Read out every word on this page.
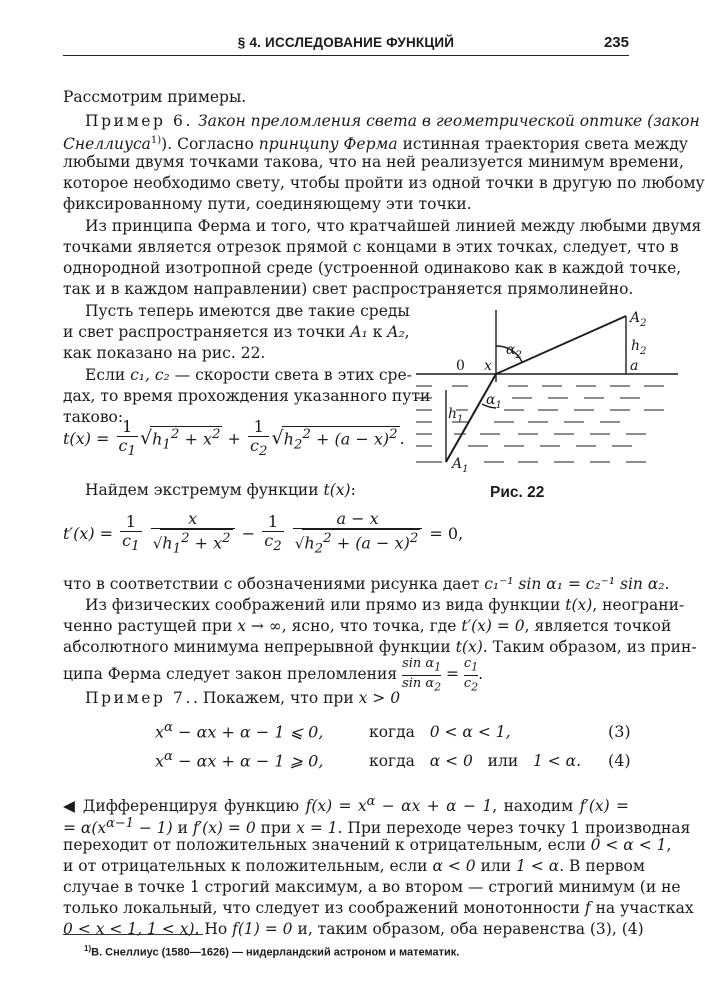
§ 4. ИССЛЕДОВАНИЕ ФУНКЦИЙ	235
Рассмотрим примеры.
Пример 6. Закон преломления света в геометрической оптике (закон
Снеллиуса$^{1)}$). Согласно принципу Ферма истинная траектория света между
любыми двумя точками такова, что на ней реализуется минимум времени,
которое необходимо свету, чтобы пройти из одной точки в другую по любому
фиксированному пути, соединяющему эти точки.
Из принципа Ферма и того, что кратчайшей линией между любыми двумя
точками является отрезок прямой с концами в этих точках, следует, что в
однородной изотропной среде (устроенной одинаково как в каждой точке,
так и в каждом направлении) свет распространяется прямолинейно.
Пусть теперь имеются две такие среды
и свет распространяется из точки A₁ к A₂,
как показано на рис. 22.
Если c₁, c₂ — скорости света в этих сре-
дах, то время прохождения указанного пути
таково:
$t(x) = \frac{1}{c_1} √h_1^2 + x^2 + \frac{1}{c_2} √h_2^2 + (a - x)^2$ .
Найдем экстремум функции t(x):
$t'(x) = \frac{1}{c_1}$
$\frac{x}{√h_1^2 + x^2} - \frac{1}{c_2}$
$\frac{a - x}{√h_2^2 + (a - x)^2} = 0$,
что в соответствии с обозначениями рисунка дает c₁⁻¹ sin α₁ = c₂⁻¹ sin α₂.
Из физических соображений или прямо из вида функции t(x), неограни-
ченно растущей при x → ∞, ясно, что точка, где t′(x) = 0, является точкой
абсолютного минимума непрерывной функции t(x). Таким образом, из прин-
ципа Ферма следует закон преломления $\frac{\sin \alpha_1}{\sin \alpha_2} = \frac{c_1}{c_2}$ .
Пример 7.. Покажем, что при x > 0
$x^\alpha - \alpha x + \alpha - 1$ ⩽ 0,	когда 0 < α < 1,	(3)
$x^\alpha - \alpha x + \alpha - 1$ ⩾ 0,	когда α < 0 или 1 < α. (4)
◀ Дифференцируя функцию $f(x) = x^\alpha - \alpha x + \alpha - 1$, находим f′(x) =
= $\alpha(x^{\alpha-1} - 1)$ и f′(x) = 0 при x = 1. При переходе через точку 1 производная
переходит от положительных значений к отрицательным, если 0 < α < 1,
и от отрицательных к положительным, если α < 0 или 1 < α. В первом
случае в точке 1 строгий максимум, а во втором — строгий минимум (и не
только локальный, что следует из соображений монотонности f на участках
0 < x < 1, 1 < x). Но f(1) = 0 и, таким образом, оба неравенства (3), (4)
$^{1)}$В. Снеллиус (1580—1626) — нидерландский астроном и математик.
$A_2$
$h_2$
a
$\alpha_2$
x
$\alpha_1$
$h_1$
$A_1$
0
Рис. 22
